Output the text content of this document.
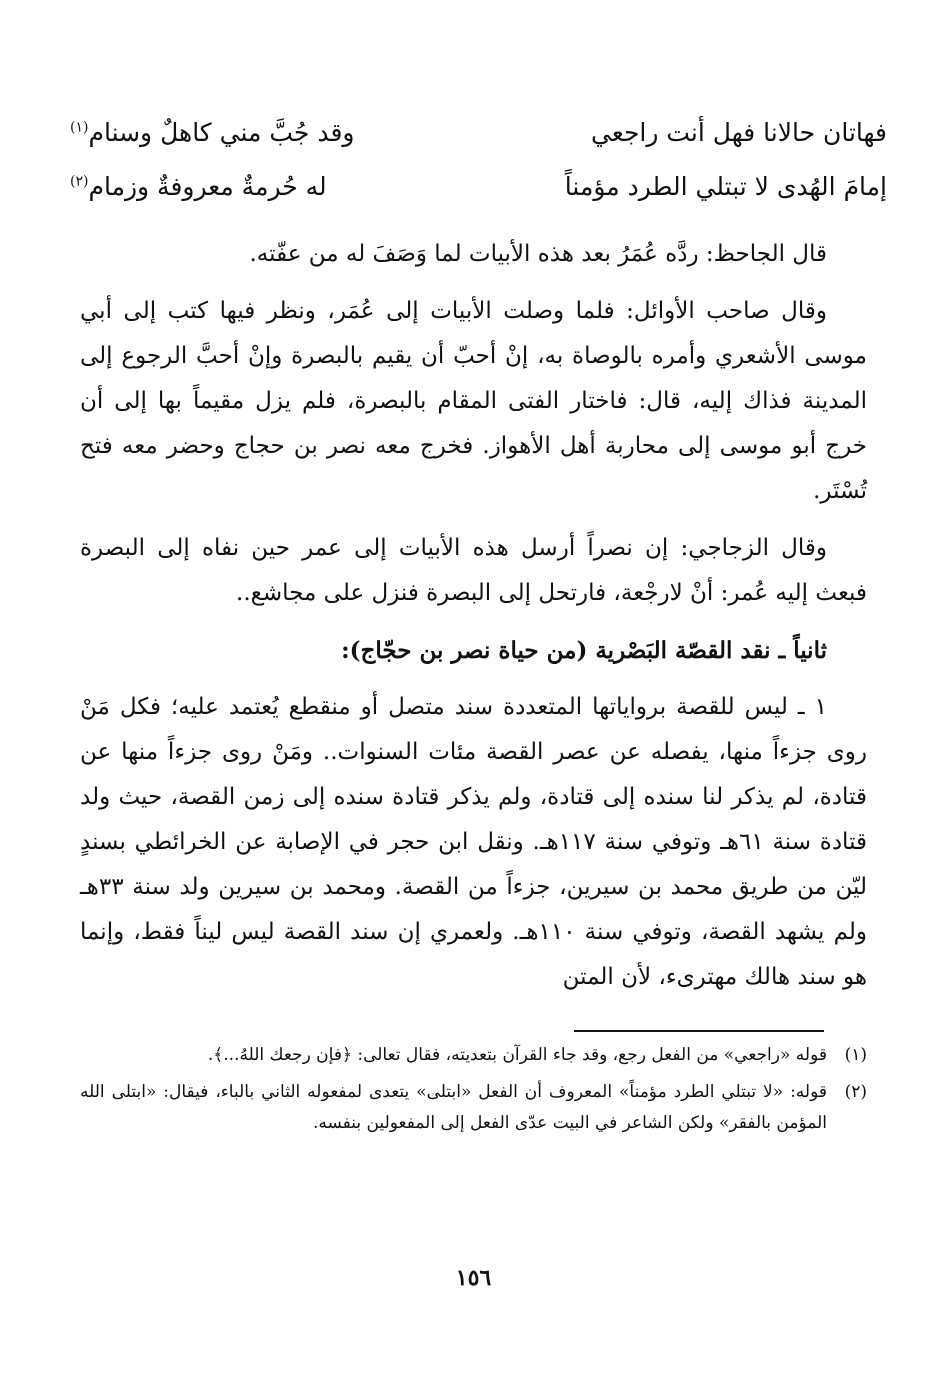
فهاتان حالانا فهل أنت راجعي
وقد جُبَّ مني كاهلٌ وسنام$^{(١)}$
إمامَ الهُدى لا تبتلي الطرد مؤمناً
له حُرمةٌ معروفةٌ وزمام$^{(٢)}$

قال الجاحظ: ردَّه عُمَرُ بعد هذه الأبيات لما وَصَفَ له من عفّته.

وقال صاحب الأوائل: فلما وصلت الأبيات إلى عُمَر، ونظر فيها كتب إلى أبي موسى الأشعري وأمره بالوصاة به، إنْ أحبّ أن يقيم بالبصرة وإنْ أحبَّ الرجوع إلى المدينة فذاك إليه، قال: فاختار الفتى المقام بالبصرة، فلم يزل مقيماً بها إلى أن خرج أبو موسى إلى محاربة أهل الأهواز. فخرج معه نصر بن حجاج وحضر معه فتح تُسْتَر.

وقال الزجاجي: إن نصراً أرسل هذه الأبيات إلى عمر حين نفاه إلى البصرة فبعث إليه عُمر: أنْ لارجْعة، فارتحل إلى البصرة فنزل على مجاشع..

ثانياً ـ نقد القصّة البَصْرية (من حياة نصر بن حجّاج):

١ ـ ليس للقصة برواياتها المتعددة سند متصل أو منقطع يُعتمد عليه؛ فكل مَنْ روى جزءاً منها، يفصله عن عصر القصة مئات السنوات.. ومَنْ روى جزءاً منها عن قتادة، لم يذكر لنا سنده إلى قتادة، ولم يذكر قتادة سنده إلى زمن القصة، حيث ولد قتادة سنة ٦١هـ وتوفي سنة ١١٧هـ. ونقل ابن حجر في الإصابة عن الخرائطي بسندٍ ليّن من طريق محمد بن سيرين، جزءاً من القصة. ومحمد بن سيرين ولد سنة ٣٣هـ ولم يشهد القصة، وتوفي سنة ١١٠هـ. ولعمري إن سند القصة ليس ليناً فقط، وإنما هو سند هالك مهترىء، لأن المتن

(١)
قوله «راجعي» من الفعل رجع، وقد جاء القرآن بتعديته، فقال تعالى: ﴿فإن رجعك اللهُ...﴾.
(٢)
قوله: «لا تبتلي الطرد مؤمناً» المعروف أن الفعل «ابتلى» يتعدى لمفعوله الثاني بالباء، فيقال: «ابتلى الله المؤمن بالفقر» ولكن الشاعر في البيت عدّى الفعل إلى المفعولين بنفسه.
١٥٦
